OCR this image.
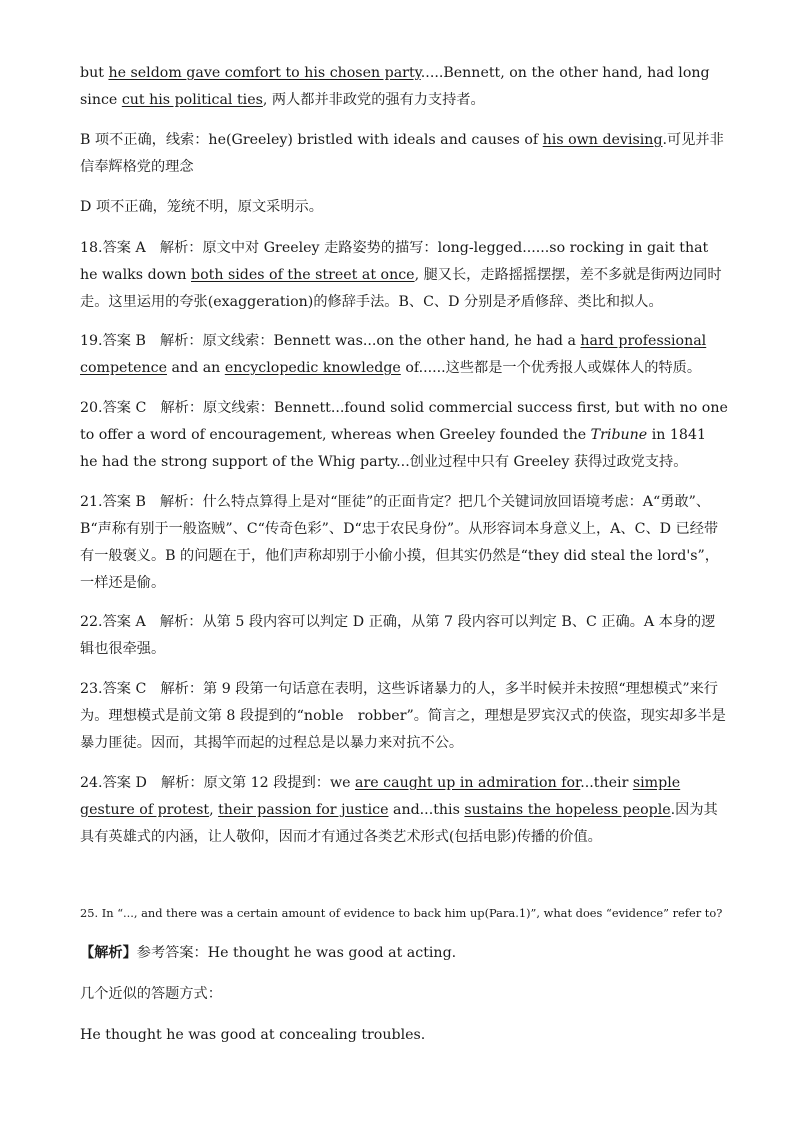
but he seldom gave comfort to his chosen party.....Bennett, on the other hand, had long since cut his political ties, 两人都并非政党的强有力支持者。

B 项不正确，线索：he(Greeley) bristled with ideals and causes of his own devising.可见并非信奉辉格党的理念

D 项不正确，笼统不明，原文采明示。

18.答案 A　解析：原文中对 Greeley 走路姿势的描写：long-legged......so rocking in gait that he walks down both sides of the street at once, 腿又长，走路摇摇摆摆，差不多就是街两边同时走。这里运用的夸张(exaggeration)的修辞手法。B、C、D 分别是矛盾修辞、类比和拟人。

19.答案 B　解析：原文线索：Bennett was...on the other hand, he had a hard professional competence and an encyclopedic knowledge of......这些都是一个优秀报人或媒体人的特质。

20.答案 C　解析：原文线索：Bennett...found solid commercial success first, but with no one to offer a word of encouragement, whereas when Greeley founded the Tribune in 1841 he had the strong support of the Whig party...创业过程中只有 Greeley 获得过政党支持。

21.答案 B　解析：什么特点算得上是对“匪徒”的正面肯定？把几个关键词放回语境考虑：A“勇敢”、B“声称有别于一般盗贼”、C“传奇色彩”、D“忠于农民身份”。从形容词本身意义上，A、C、D 已经带有一般褒义。B 的问题在于，他们声称却别于小偷小摸，但其实仍然是“they did steal the lord's”，一样还是偷。

22.答案 A　解析：从第 5 段内容可以判定 D 正确，从第 7 段内容可以判定 B、C 正确。A 本身的逻辑也很牵强。

23.答案 C　解析：第 9 段第一句话意在表明，这些诉诸暴力的人，多半时候并未按照“理想模式”来行为。理想模式是前文第 8 段提到的“noble　robber”。简言之，理想是罗宾汉式的侠盗，现实却多半是暴力匪徒。因而，其揭竿而起的过程总是以暴力来对抗不公。

24.答案 D　解析：原文第 12 段提到：we are caught up in admiration for...their simple gesture of protest, their passion for justice and...this sustains the hopeless people.因为其具有英雄式的内涵，让人敬仰，因而才有通过各类艺术形式(包括电影)传播的价值。

25. In “..., and there was a certain amount of evidence to back him up(Para.1)”, what does “evidence” refer to?

【解析】参考答案：He thought he was good at acting.

几个近似的答题方式：

He thought he was good at concealing troubles.
